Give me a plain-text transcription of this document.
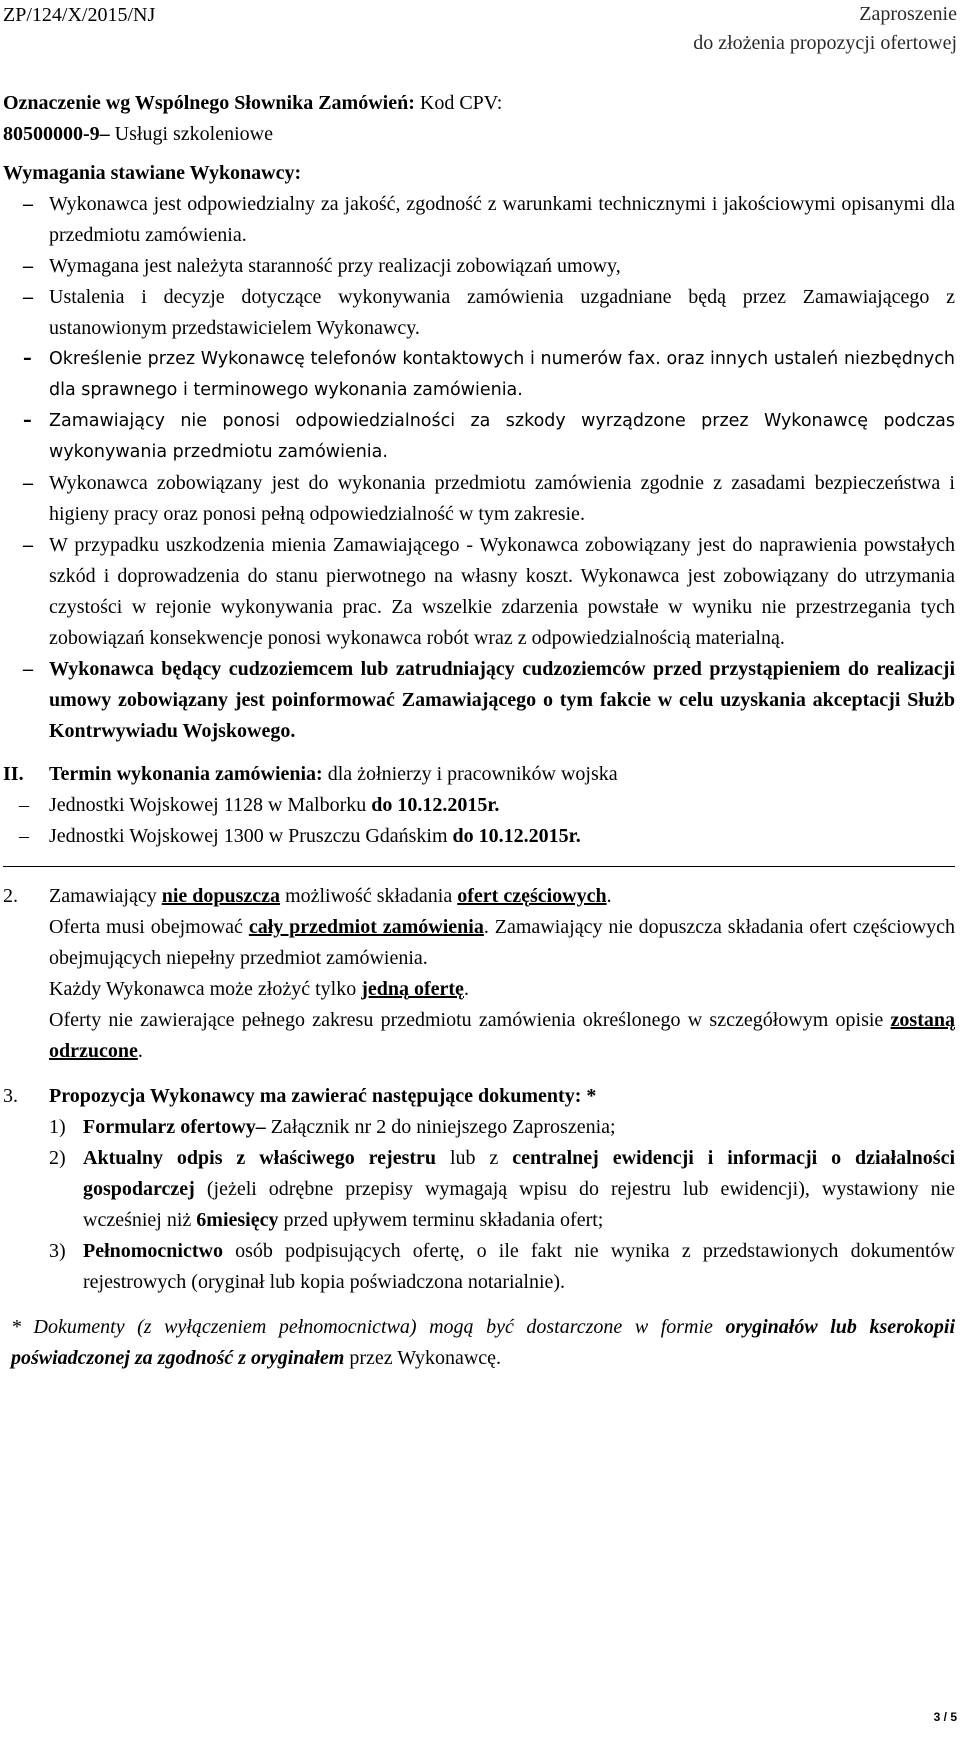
ZP/124/X/2015/NJ	Zaproszenie
do złożenia propozycji ofertowej

Oznaczenie wg Wspólnego Słownika Zamówień: Kod CPV:
80500000-9– Usługi szkoleniowe

Wymagania stawiane Wykonawcy:

– Wykonawca jest odpowiedzialny za jakość, zgodność z warunkami technicznymi i jakościowymi opisanymi dla przedmiotu zamówienia.
– Wymagana jest należyta staranność przy realizacji zobowiązań umowy,
– Ustalenia i decyzje dotyczące wykonywania zamówienia uzgadniane będą przez Zamawiającego z ustanowionym przedstawicielem Wykonawcy.
– Określenie przez Wykonawcę telefonów kontaktowych i numerów fax. oraz innych ustaleń niezbędnych dla sprawnego i terminowego wykonania zamówienia.
– Zamawiający nie ponosi odpowiedzialności za szkody wyrządzone przez Wykonawcę podczas wykonywania przedmiotu zamówienia.
– Wykonawca zobowiązany jest do wykonania przedmiotu zamówienia zgodnie z zasadami bezpieczeństwa i higieny pracy oraz ponosi pełną odpowiedzialność w tym zakresie.
– W przypadku uszkodzenia mienia Zamawiającego - Wykonawca zobowiązany jest do naprawienia powstałych szkód i doprowadzenia do stanu pierwotnego na własny koszt. Wykonawca jest zobowiązany do utrzymania czystości w rejonie wykonywania prac. Za wszelkie zdarzenia powstałe w wyniku nie przestrzegania tych zobowiązań konsekwencje ponosi wykonawca robót wraz z odpowiedzialnością materialną.
– Wykonawca będący cudzoziemcem lub zatrudniający cudzoziemców przed przystąpieniem do realizacji umowy zobowiązany jest poinformować Zamawiającego o tym fakcie w celu uzyskania akceptacji Służb Kontrwywiadu Wojskowego.
II. Termin wykonania zamówienia: dla żołnierzy i pracowników wojska
– Jednostki Wojskowej 1128 w Malborku do 10.12.2015r.
– Jednostki Wojskowej 1300 w Pruszczu Gdańskim do 10.12.2015r.
2. Zamawiający nie dopuszcza możliwość składania ofert częściowych.
Oferta musi obejmować cały przedmiot zamówienia. Zamawiający nie dopuszcza składania ofert częściowych obejmujących niepełny przedmiot zamówienia.
Każdy Wykonawca może złożyć tylko jedną ofertę.
Oferty nie zawierające pełnego zakresu przedmiotu zamówienia określonego w szczegółowym opisie zostaną odrzucone.
3. Propozycja Wykonawcy ma zawierać następujące dokumenty: *
1) Formularz ofertowy– Załącznik nr 2 do niniejszego Zaproszenia;
2) Aktualny odpis z właściwego rejestru lub z centralnej ewidencji i informacji o działalności gospodarczej (jeżeli odrębne przepisy wymagają wpisu do rejestru lub ewidencji), wystawiony nie wcześniej niż 6miesięcy przed upływem terminu składania ofert;
3) Pełnomocnictwo osób podpisujących ofertę, o ile fakt nie wynika z przedstawionych dokumentów rejestrowych (oryginał lub kopia poświadczona notarialnie).
* Dokumenty (z wyłączeniem pełnomocnictwa) mogą być dostarczone w formie oryginałów lub kserokopii poświadczonej za zgodność z oryginałem przez Wykonawcę.
3 / 5
